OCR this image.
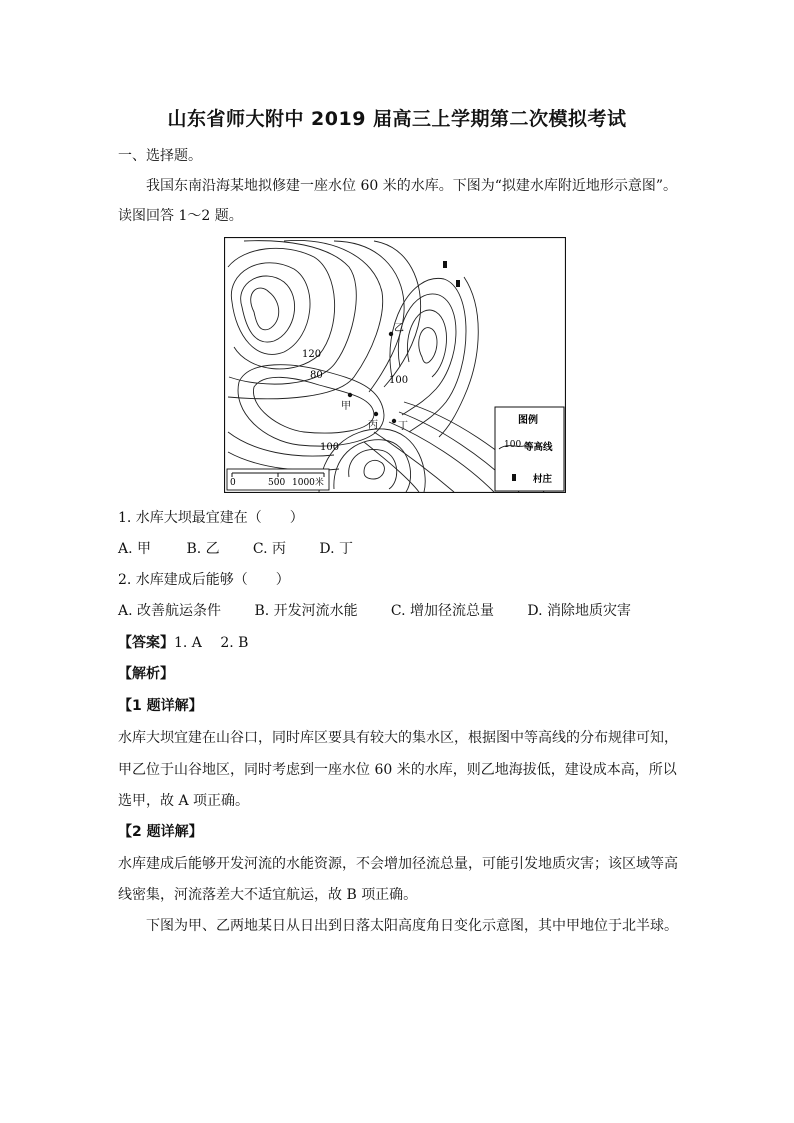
山东省师大附中 2019 届高三上学期第二次模拟考试
一、选择题。
我国东南沿海某地拟修建一座水位 60 米的水库。下图为“拟建水库附近地形示意图”。
读图回答 1～2 题。
120
80	100
100
甲
乙
丙 丁
图例
100 等高线
村庄
0	500 1000米
1. 水库大坝最宜建在（　　）
A. 甲	B. 乙 C. 丙 D. 丁
2. 水库建成后能够（　　）
A. 改善航运条件 B. 开发河流水能 C. 增加径流总量 D. 消除地质灾害
【答案】1. A　 2. B
【解析】
【1 题详解】
水库大坝宜建在山谷口，同时库区要具有较大的集水区，根据图中等高线的分布规律可知，
甲乙位于山谷地区，同时考虑到一座水位 60 米的水库，则乙地海拔低，建设成本高，所以
选甲，故 A 项正确。
【2 题详解】
水库建成后能够开发河流的水能资源，不会增加径流总量，可能引发地质灾害；该区域等高
线密集，河流落差大不适宜航运，故 B 项正确。
下图为甲、乙两地某日从日出到日落太阳高度角日变化示意图，其中甲地位于北半球。
